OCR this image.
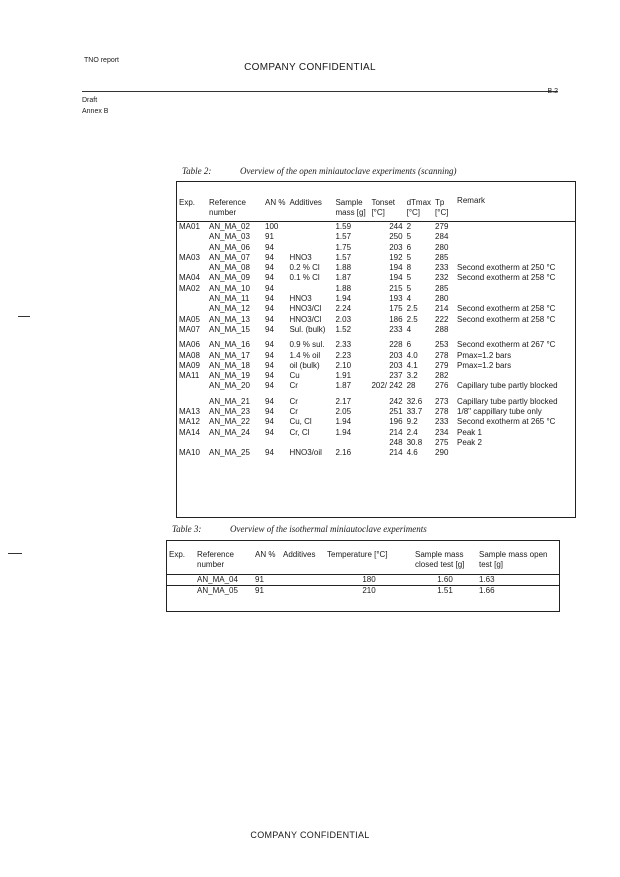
TNO report
COMPANY CONFIDENTIAL
B.2
Draft
Annex B
Table 2:	Overview of the open miniautoclave experiments (scanning)
Exp.	Reference number	AN %	Additives	Sample mass [g]	Tonset [°C]	dTmax [°C]	Tp [°C]	Remark
MA01	AN_MA_02	100		1.59	244	2	279	
	AN_MA_03	91		1.57	250	5	284	
	AN_MA_06	94		1.75	203	6	280	
MA03	AN_MA_07	94	HNO3	1.57	192	5	285	
	AN_MA_08	94	0.2 % Cl	1.88	194	8	233	Second exotherm at 250 °C
MA04	AN_MA_09	94	0.1 % Cl	1.87	194	5	232	Second exotherm at 258 °C
MA02	AN_MA_10	94		1.88	215	5	285	
	AN_MA_11	94	HNO3	1.94	193	4	280	
	AN_MA_12	94	HNO3/Cl	2.24	175	2.5	214	Second exotherm at 258 °C
MA05	AN_MA_13	94	HNO3/Cl	2.03	186	2.5	222	Second exotherm at 258 °C
MA07	AN_MA_15	94	Sul. (bulk)	1.52	233	4	288	

MA06	AN_MA_16	94	0.9 % sul.	2.33	228	6	253	Second exotherm at 267 °C
MA08	AN_MA_17	94	1.4 % oil	2.23	203	4.0	278	Pmax=1.2 bars
MA09	AN_MA_18	94	oil (bulk)	2.10	203	4.1	279	Pmax=1.2 bars
MA11	AN_MA_19	94	Cu	1.91	237	3.2	282	
	AN_MA_20	94	Cr	1.87	202/ 242	28	276	Capillary tube partly blocked

	AN_MA_21	94	Cr	2.17	242	32.6	273	Capillary tube partly blocked
MA13	AN_MA_23	94	Cr	2.05	251	33.7	278	1/8" cappillary tube only
MA12	AN_MA_22	94	Cu, Cl	1.94	196	9.2	233	Second exotherm at 265 °C
MA14	AN_MA_24	94	Cr, Cl	1.94	214	2.4	234	Peak 1
					248	30.8	275	Peak 2
MA10	AN_MA_25	94	HNO3/oil	2.16	214	4.6	290	
Table 3:	Overview of the isothermal miniautoclave experiments
Exp.	Reference number	AN %	Additives	Temperature [°C]	Sample mass closed test [g]	Sample mass open test [g]
	AN_MA_04	91		180	1.60	1.63
	AN_MA_05	91		210	1.51	1.66
COMPANY CONFIDENTIAL
